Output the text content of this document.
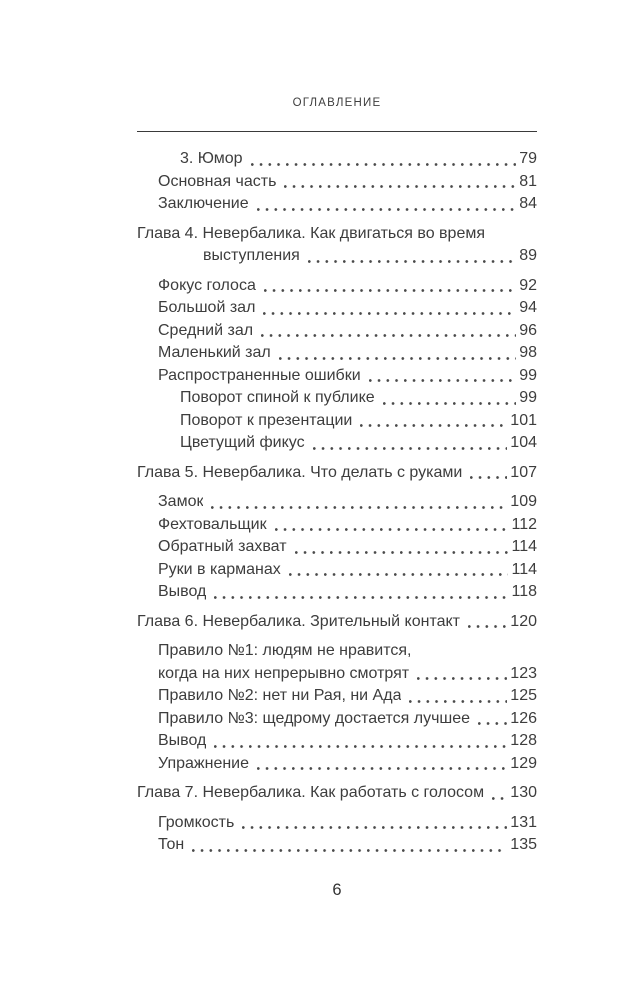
ОГЛАВЛЕНИЕ
3. Юмор	79
Основная часть	81
Заключение	84
Глава 4. Невербалика. Как двигаться во время
выступления	89
Фокус голоса	92
Большой зал	94
Средний зал	96
Маленький зал	98
Распространенные ошибки	99
Поворот спиной к публике	99
Поворот к презентации	101
Цветущий фикус	104
Глава 5. Невербалика. Что делать с руками	107
Замок	109
Фехтовальщик	112
Обратный захват	114
Руки в карманах	114
Вывод	118
Глава 6. Невербалика. Зрительный контакт	120
Правило №1: людям не нравится,
когда на них непрерывно смотрят	123
Правило №2: нет ни Рая, ни Ада	125
Правило №3: щедрому достается лучшее	126
Вывод	128
Упражнение	129
Глава 7. Невербалика. Как работать с голосом 130
Громкость	131
Тон	135
6
